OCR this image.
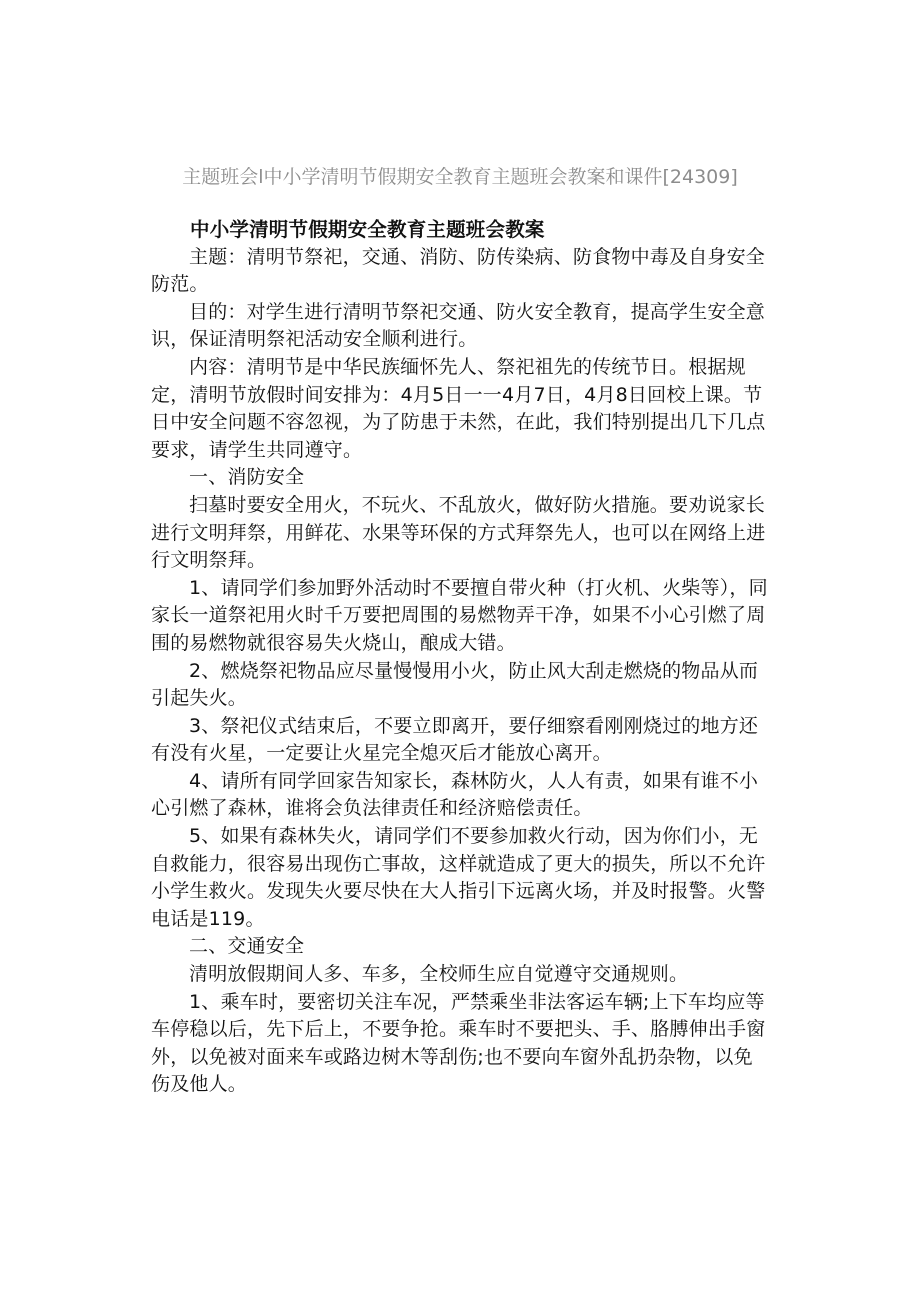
主题班会l中小学清明节假期安全教育主题班会教案和课件[24309]

中小学清明节假期安全教育主题班会教案

主题：清明节祭祀，交通、消防、防传染病、防食物中毒及自身安全防范。

目的：对学生进行清明节祭祀交通、防火安全教育，提高学生安全意识，保证清明祭祀活动安全顺利进行。

内容：清明节是中华民族缅怀先人、祭祀祖先的传统节日。根据规定，清明节放假时间安排为：4月5日一一4月7日，4月8日回校上课。节日中安全问题不容忽视，为了防患于未然，在此，我们特别提出几下几点要求，请学生共同遵守。

一、消防安全

扫墓时要安全用火，不玩火、不乱放火，做好防火措施。要劝说家长进行文明拜祭，用鲜花、水果等环保的方式拜祭先人，也可以在网络上进行文明祭拜。

1、请同学们参加野外活动时不要擅自带火种（打火机、火柴等），同家长一道祭祀用火时千万要把周围的易燃物弄干净，如果不小心引燃了周围的易燃物就很容易失火烧山，酿成大错。

2、燃烧祭祀物品应尽量慢慢用小火，防止风大刮走燃烧的物品从而引起失火。

3、祭祀仪式结束后，不要立即离开，要仔细察看刚刚烧过的地方还有没有火星，一定要让火星完全熄灭后才能放心离开。

4、请所有同学回家告知家长，森林防火，人人有责，如果有谁不小心引燃了森林，谁将会负法律责任和经济赔偿责任。

5、如果有森林失火，请同学们不要参加救火行动，因为你们小，无自救能力，很容易出现伤亡事故，这样就造成了更大的损失，所以不允许小学生救火。发现失火要尽快在大人指引下远离火场，并及时报警。火警电话是119。

二、交通安全

清明放假期间人多、车多，全校师生应自觉遵守交通规则。

1、乘车时，要密切关注车况，严禁乘坐非法客运车辆;上下车均应等车停稳以后，先下后上，不要争抢。乘车时不要把头、手、胳膊伸出手窗外，以免被对面来车或路边树木等刮伤;也不要向车窗外乱扔杂物，以免伤及他人。
